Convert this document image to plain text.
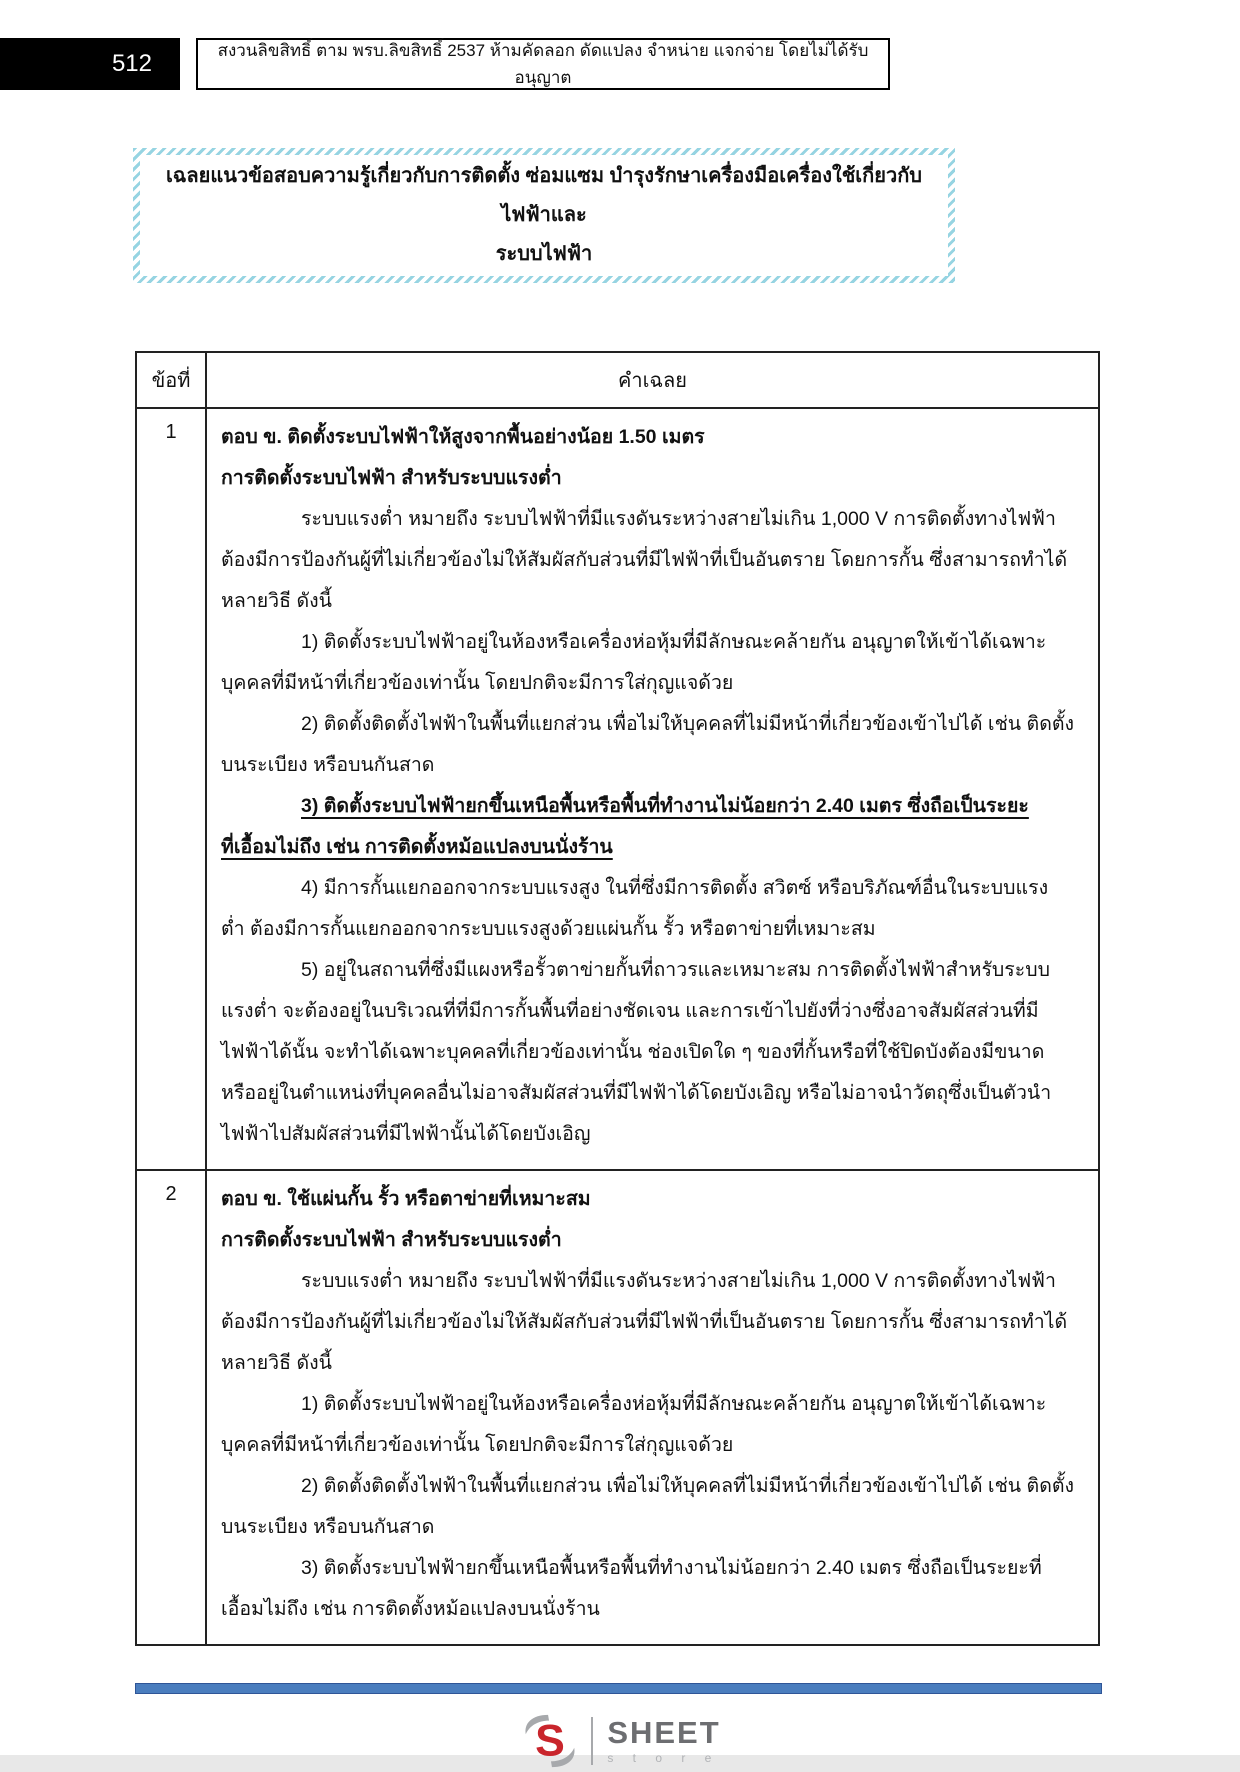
512	สงวนลิขสิทธิ์ ตาม พรบ.ลิขสิทธิ์ 2537 ห้ามคัดลอก ดัดแปลง จำหน่าย แจกจ่าย โดยไม่ได้รับอนุญาต
เฉลยแนวข้อสอบความรู้เกี่ยวกับการติดตั้ง ซ่อมแซม บำรุงรักษาเครื่องมือเครื่องใช้เกี่ยวกับไฟฟ้าและ
ระบบไฟฟ้า
ข้อที่	คำเฉลย
1	ตอบ ข. ติดตั้งระบบไฟฟ้าให้สูงจากพื้นอย่างน้อย 1.50 เมตร
การติดตั้งระบบไฟฟ้า สำหรับระบบแรงต่ำ
ระบบแรงต่ำ หมายถึง ระบบไฟฟ้าที่มีแรงดันระหว่างสายไม่เกิน 1,000 V การติดตั้งทางไฟฟ้า
ต้องมีการป้องกันผู้ที่ไม่เกี่ยวข้องไม่ให้สัมผัสกับส่วนที่มีไฟฟ้าที่เป็นอันตราย โดยการกั้น ซึ่งสามารถทำได้
หลายวิธี ดังนี้
1) ติดตั้งระบบไฟฟ้าอยู่ในห้องหรือเครื่องห่อหุ้มที่มีลักษณะคล้ายกัน อนุญาตให้เข้าได้เฉพาะ
บุคคลที่มีหน้าที่เกี่ยวข้องเท่านั้น โดยปกติจะมีการใส่กุญแจด้วย
2) ติดตั้งติดตั้งไฟฟ้าในพื้นที่แยกส่วน เพื่อไม่ให้บุคคลที่ไม่มีหน้าที่เกี่ยวข้องเข้าไปได้ เช่น ติดตั้ง
บนระเบียง หรือบนกันสาด
3) ติดตั้งระบบไฟฟ้ายกขึ้นเหนือพื้นหรือพื้นที่ทำงานไม่น้อยกว่า 2.40 เมตร ซึ่งถือเป็นระยะ
ที่เอื้อมไม่ถึง เช่น การติดตั้งหม้อแปลงบนนั่งร้าน
4) มีการกั้นแยกออกจากระบบแรงสูง ในที่ซึ่งมีการติดตั้ง สวิตซ์ หรือบริภัณฑ์อื่นในระบบแรง
ต่ำ ต้องมีการกั้นแยกออกจากระบบแรงสูงด้วยแผ่นกั้น รั้ว หรือตาข่ายที่เหมาะสม
5) อยู่ในสถานที่ซึ่งมีแผงหรือรั้วตาข่ายกั้นที่ถาวรและเหมาะสม การติดตั้งไฟฟ้าสำหรับระบบ
แรงต่ำ จะต้องอยู่ในบริเวณที่ที่มีการกั้นพื้นที่อย่างชัดเจน และการเข้าไปยังที่ว่างซึ่งอาจสัมผัสส่วนที่มี
ไฟฟ้าได้นั้น จะทำได้เฉพาะบุคคลที่เกี่ยวข้องเท่านั้น ช่องเปิดใด ๆ ของที่กั้นหรือที่ใช้ปิดบังต้องมีขนาด
หรืออยู่ในตำแหน่งที่บุคคลอื่นไม่อาจสัมผัสส่วนที่มีไฟฟ้าได้โดยบังเอิญ หรือไม่อาจนำวัตถุซึ่งเป็นตัวนำ
ไฟฟ้าไปสัมผัสส่วนที่มีไฟฟ้านั้นได้โดยบังเอิญ

2	ตอบ ข. ใช้แผ่นกั้น รั้ว หรือตาข่ายที่เหมาะสม
การติดตั้งระบบไฟฟ้า สำหรับระบบแรงต่ำ
ระบบแรงต่ำ หมายถึง ระบบไฟฟ้าที่มีแรงดันระหว่างสายไม่เกิน 1,000 V การติดตั้งทางไฟฟ้า
ต้องมีการป้องกันผู้ที่ไม่เกี่ยวข้องไม่ให้สัมผัสกับส่วนที่มีไฟฟ้าที่เป็นอันตราย โดยการกั้น ซึ่งสามารถทำได้
หลายวิธี ดังนี้
1) ติดตั้งระบบไฟฟ้าอยู่ในห้องหรือเครื่องห่อหุ้มที่มีลักษณะคล้ายกัน อนุญาตให้เข้าได้เฉพาะ
บุคคลที่มีหน้าที่เกี่ยวข้องเท่านั้น โดยปกติจะมีการใส่กุญแจด้วย
2) ติดตั้งติดตั้งไฟฟ้าในพื้นที่แยกส่วน เพื่อไม่ให้บุคคลที่ไม่มีหน้าที่เกี่ยวข้องเข้าไปได้ เช่น ติดตั้ง
บนระเบียง หรือบนกันสาด
3) ติดตั้งระบบไฟฟ้ายกขึ้นเหนือพื้นหรือพื้นที่ทำงานไม่น้อยกว่า 2.40 เมตร ซึ่งถือเป็นระยะที่
เอื้อมไม่ถึง เช่น การติดตั้งหม้อแปลงบนนั่งร้าน
S SHEET
s t o r e
